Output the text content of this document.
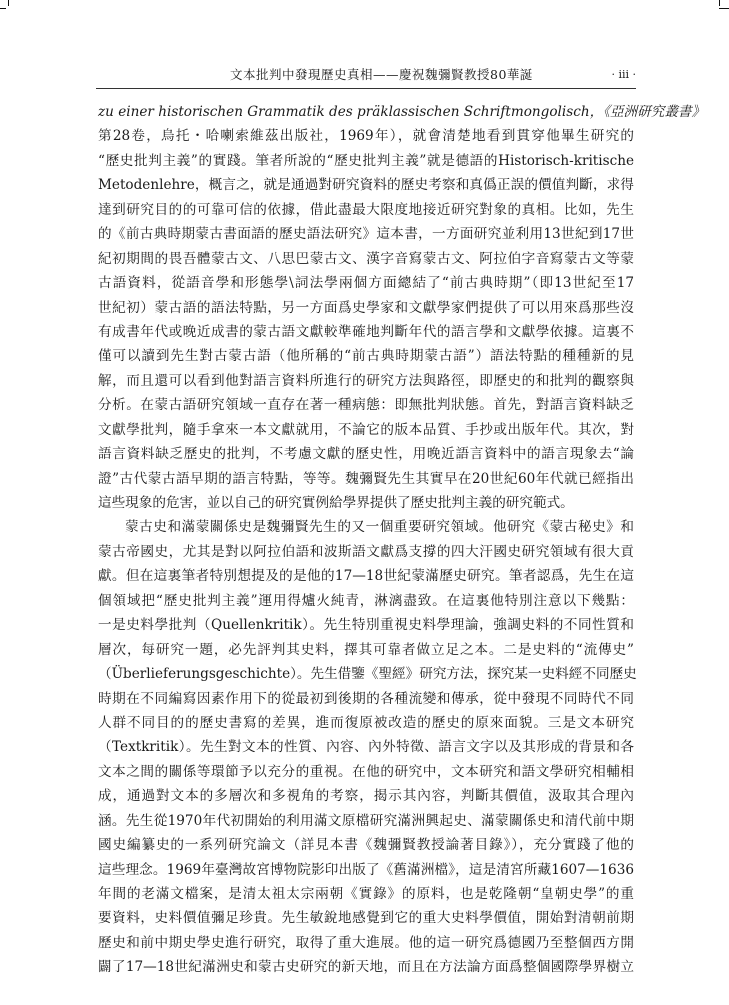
文本批判中發現歷史真相——慶祝魏彌賢教授80華誕	· iii ·
zu einer historischen Grammatik des präklassischen Schriftmongolisch，《亞洲研究叢書》
第28卷，烏托・哈喇索維茲出版社，1969年），就會清楚地看到貫穿他畢生研究的
“歷史批判主義”的實踐。筆者所說的“歷史批判主義”就是德語的Historisch-kritische
Metodenlehre，概言之，就是通過對研究資料的歷史考察和真僞正誤的價值判斷，求得
達到研究目的的可靠可信的依據，借此盡最大限度地接近研究對象的真相。比如，先生
的《前古典時期蒙古書面語的歷史語法研究》這本書，一方面研究並利用13世紀到17世
紀初期間的畏吾體蒙古文、八思巴蒙古文、漢字音寫蒙古文、阿拉伯字音寫蒙古文等蒙
古語資料，從語音學和形態學\詞法學兩個方面總結了“前古典時期”（即13世紀至17
世紀初）蒙古語的語法特點，另一方面爲史學家和文獻學家們提供了可以用來爲那些沒
有成書年代或晚近成書的蒙古語文獻較準確地判斷年代的語言學和文獻學依據。這裏不
僅可以讀到先生對古蒙古語（他所稱的“前古典時期蒙古語”）語法特點的種種新的見
解，而且還可以看到他對語言資料所進行的研究方法與路徑，即歷史的和批判的觀察與
分析。在蒙古語研究領域一直存在著一種病態：即無批判狀態。首先，對語言資料缺乏
文獻學批判，隨手拿來一本文獻就用，不論它的版本品質、手抄或出版年代。其次，對
語言資料缺乏歷史的批判，不考慮文獻的歷史性，用晚近語言資料中的語言現象去“論
證”古代蒙古語早期的語言特點，等等。魏彌賢先生其實早在20世紀60年代就已經指出
這些現象的危害，並以自己的研究實例給學界提供了歷史批判主義的研究範式。
蒙古史和滿蒙關係史是魏彌賢先生的又一個重要研究領域。他研究《蒙古秘史》和
蒙古帝國史，尤其是對以阿拉伯語和波斯語文獻爲支撐的四大汗國史研究領域有很大貢
獻。但在這裏筆者特別想提及的是他的17—18世紀蒙滿歷史研究。筆者認爲，先生在這
個領域把“歷史批判主義”運用得爐火純青，淋漓盡致。在這裏他特別注意以下幾點：
一是史料學批判（Quellenkritik）。先生特別重視史料學理論，強調史料的不同性質和
層次，每研究一題，必先評判其史料，擇其可靠者做立足之本。二是史料的“流傳史”
（Überlieferungsgeschichte）。先生借鑒《聖經》研究方法，探究某一史料經不同歷史
時期在不同編寫因素作用下的從最初到後期的各種流變和傳承，從中發現不同時代不同
人群不同目的的歷史書寫的差異，進而復原被改造的歷史的原來面貌。三是文本研究
（Textkritik）。先生對文本的性質、內容、內外特徵、語言文字以及其形成的背景和各
文本之間的關係等環節予以充分的重視。在他的研究中，文本研究和語文學研究相輔相
成，通過對文本的多層次和多視角的考察，揭示其內容，判斷其價值，汲取其合理內
涵。先生從1970年代初開始的利用滿文原檔研究滿洲興起史、滿蒙關係史和清代前中期
國史編纂史的一系列研究論文（詳見本書《魏彌賢教授論著目錄》），充分實踐了他的
這些理念。1969年臺灣故宮博物院影印出版了《舊滿洲檔》，這是清宮所藏1607—1636
年間的老滿文檔案，是清太祖太宗兩朝《實錄》的原料，也是乾隆朝“皇朝史學”的重
要資料，史料價值彌足珍貴。先生敏銳地感覺到它的重大史料學價值，開始對清朝前期
歷史和前中期史學史進行研究，取得了重大進展。他的這一研究爲德國乃至整個西方開
闢了17—18世紀滿洲史和蒙古史研究的新天地，而且在方法論方面爲整個國際學界樹立
